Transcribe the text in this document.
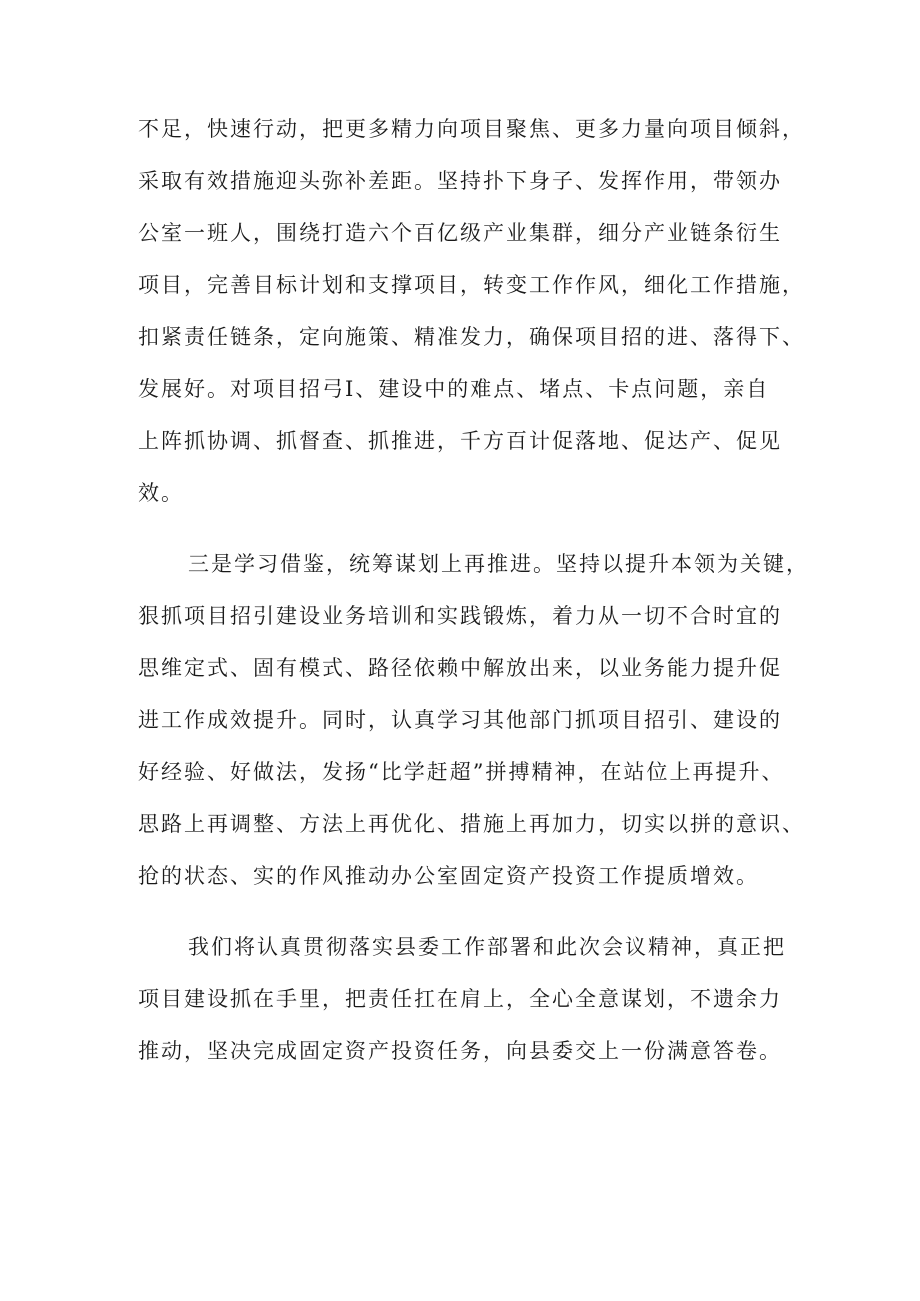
不足，快速行动，把更多精力向项目聚焦、更多力量向项目倾斜，
采取有效措施迎头弥补差距。坚持扑下身子、发挥作用，带领办
公室一班人，围绕打造六个百亿级产业集群，细分产业链条衍生
项目，完善目标计划和支撑项目，转变工作作风，细化工作措施，
扣紧责任链条，定向施策、精准发力，确保项目招的进、落得下、
发展好。对项目招弓Ⅰ、建设中的难点、堵点、卡点问题，亲自
上阵抓协调、抓督查、抓推进，千方百计促落地、促达产、促见
效。
三是学习借鉴，统筹谋划上再推进。坚持以提升本领为关键，
狠抓项目招引建设业务培训和实践锻炼，着力从一切不合时宜的
思维定式、固有模式、路径依赖中解放出来，以业务能力提升促
进工作成效提升。同时，认真学习其他部门抓项目招引、建设的
好经验、好做法，发扬“比学赶超”拼搏精神，在站位上再提升、
思路上再调整、方法上再优化、措施上再加力，切实以拼的意识、
抢的状态、实的作风推动办公室固定资产投资工作提质增效。
我们将认真贯彻落实县委工作部署和此次会议精神，真正把
项目建设抓在手里，把责任扛在肩上，全心全意谋划，不遗余力
推动，坚决完成固定资产投资任务，向县委交上一份满意答卷。
